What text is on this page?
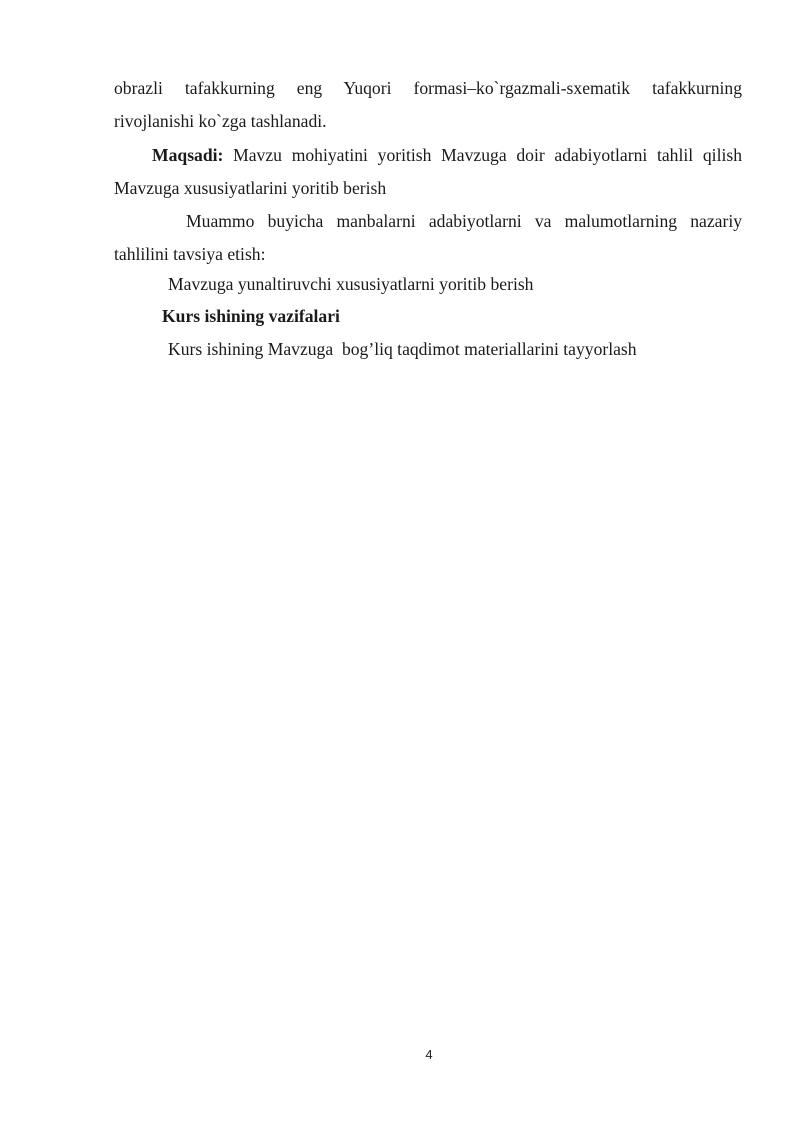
obrazli tafakkurning eng Yuqori formasi–ko`rgazmali-sxematik tafakkurning
rivojlanishi ko`zga tashlanadi.
Maqsadi: Mavzu mohiyatini yoritish Mavzuga doir adabiyotlarni tahlil qilish
Mavzuga xususiyatlarini yoritib berish
Muammo buyicha manbalarni adabiyotlarni va malumotlarning nazariy
tahlilini tavsiya etish:
Mavzuga yunaltiruvchi xususiyatlarni yoritib berish
Kurs ishining vazifalari
Kurs ishining Mavzuga  bog’liq taqdimot materiallarini tayyorlash
4
